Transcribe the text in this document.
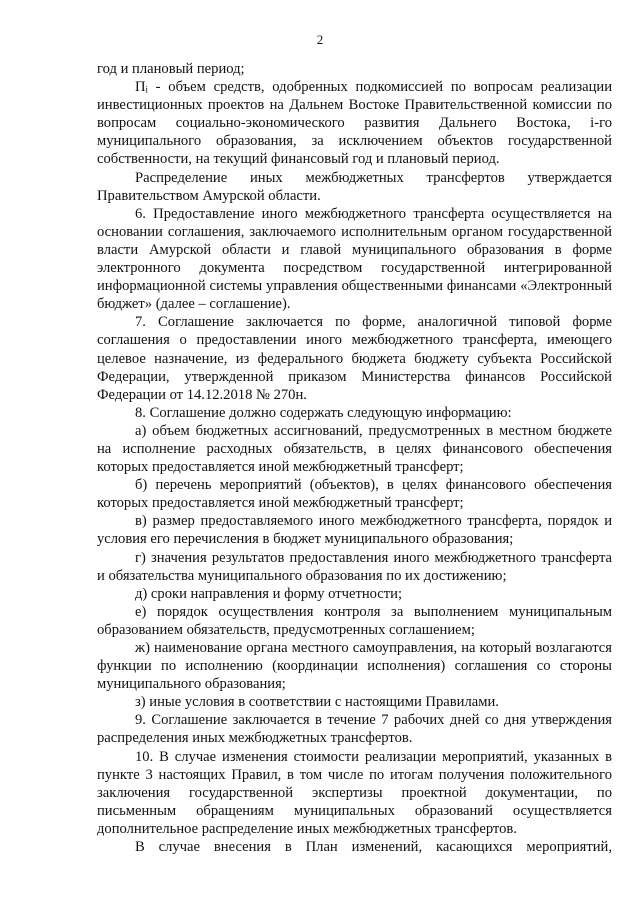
2

год и плановый период;

Пᵢ - объем средств, одобренных подкомиссией по вопросам реализации инвестиционных проектов на Дальнем Востоке Правительственной комиссии по вопросам социально-экономического развития Дальнего Востока, i-го муниципального образования, за исключением объектов государственной собственности, на текущий финансовый год и плановый период.

Распределение иных межбюджетных трансфертов утверждается Правительством Амурской области.

6. Предоставление иного межбюджетного трансферта осуществляется на основании соглашения, заключаемого исполнительным органом государственной власти Амурской области и главой муниципального образования в форме электронного документа посредством государственной интегрированной информационной системы управления общественными финансами «Электронный бюджет» (далее – соглашение).

7. Соглашение заключается по форме, аналогичной типовой форме соглашения о предоставлении иного межбюджетного трансферта, имеющего целевое назначение, из федерального бюджета бюджету субъекта Российской Федерации, утвержденной приказом Министерства финансов Российской Федерации от 14.12.2018 № 270н.

8. Соглашение должно содержать следующую информацию:

а) объем бюджетных ассигнований, предусмотренных в местном бюджете на исполнение расходных обязательств, в целях финансового обеспечения которых предоставляется иной межбюджетный трансферт;

б) перечень мероприятий (объектов), в целях финансового обеспечения которых предоставляется иной межбюджетный трансферт;

в) размер предоставляемого иного межбюджетного трансферта, порядок и условия его перечисления в бюджет муниципального образования;

г) значения результатов предоставления иного межбюджетного трансферта и обязательства муниципального образования по их достижению;

д) сроки направления и форму отчетности;

е) порядок осуществления контроля за выполнением муниципальным образованием обязательств, предусмотренных соглашением;

ж) наименование органа местного самоуправления, на который возлагаются функции по исполнению (координации исполнения) соглашения со стороны муниципального образования;

з) иные условия в соответствии с настоящими Правилами.

9. Соглашение заключается в течение 7 рабочих дней со дня утверждения распределения иных межбюджетных трансфертов.

10. В случае изменения стоимости реализации мероприятий, указанных в пункте 3 настоящих Правил, в том числе по итогам получения положительного заключения государственной экспертизы проектной документации, по письменным обращениям муниципальных образований осуществляется дополнительное распределение иных межбюджетных трансфертов.

В случае внесения в План изменений, касающихся мероприятий,
